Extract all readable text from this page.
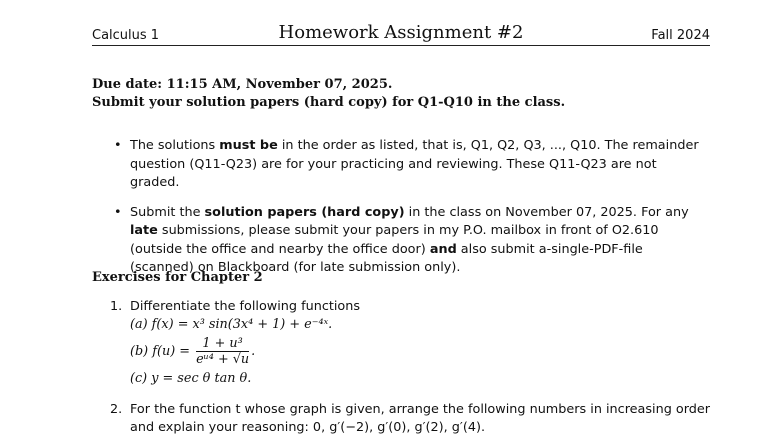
Calculus 1	Homework Assignment #2	Fall 2024
Due date: 11:15 AM, November 07, 2025.
Submit your solution papers (hard copy) for Q1-Q10 in the class.
• The solutions must be in the order as listed, that is, Q1, Q2, Q3, ..., Q10. The remainder question (Q11-Q23) are for your practicing and reviewing. These Q11-Q23 are not graded.
• Submit the solution papers (hard copy) in the class on November 07, 2025. For any late submissions, please submit your papers in my P.O. mailbox in front of O2.610 (outside the office and nearby the office door) and also submit a-single-PDF-file (scanned) on Blackboard (for late submission only).
Exercises for Chapter 2
1. Differentiate the following functions
(a) f(x) = x³ sin(3x⁴ + 1) + e⁻⁴ˣ.
(b) $f(u) = \frac{\text{1 + u³}}{\text{eᵘ⁴ + √u}}$ .
(c) y = sec θ tan θ.
2. For the function t whose graph is given, arrange the following numbers in increasing order
and explain your reasoning: 0, g′(−2), g′(0), g′(2), g′(4).
